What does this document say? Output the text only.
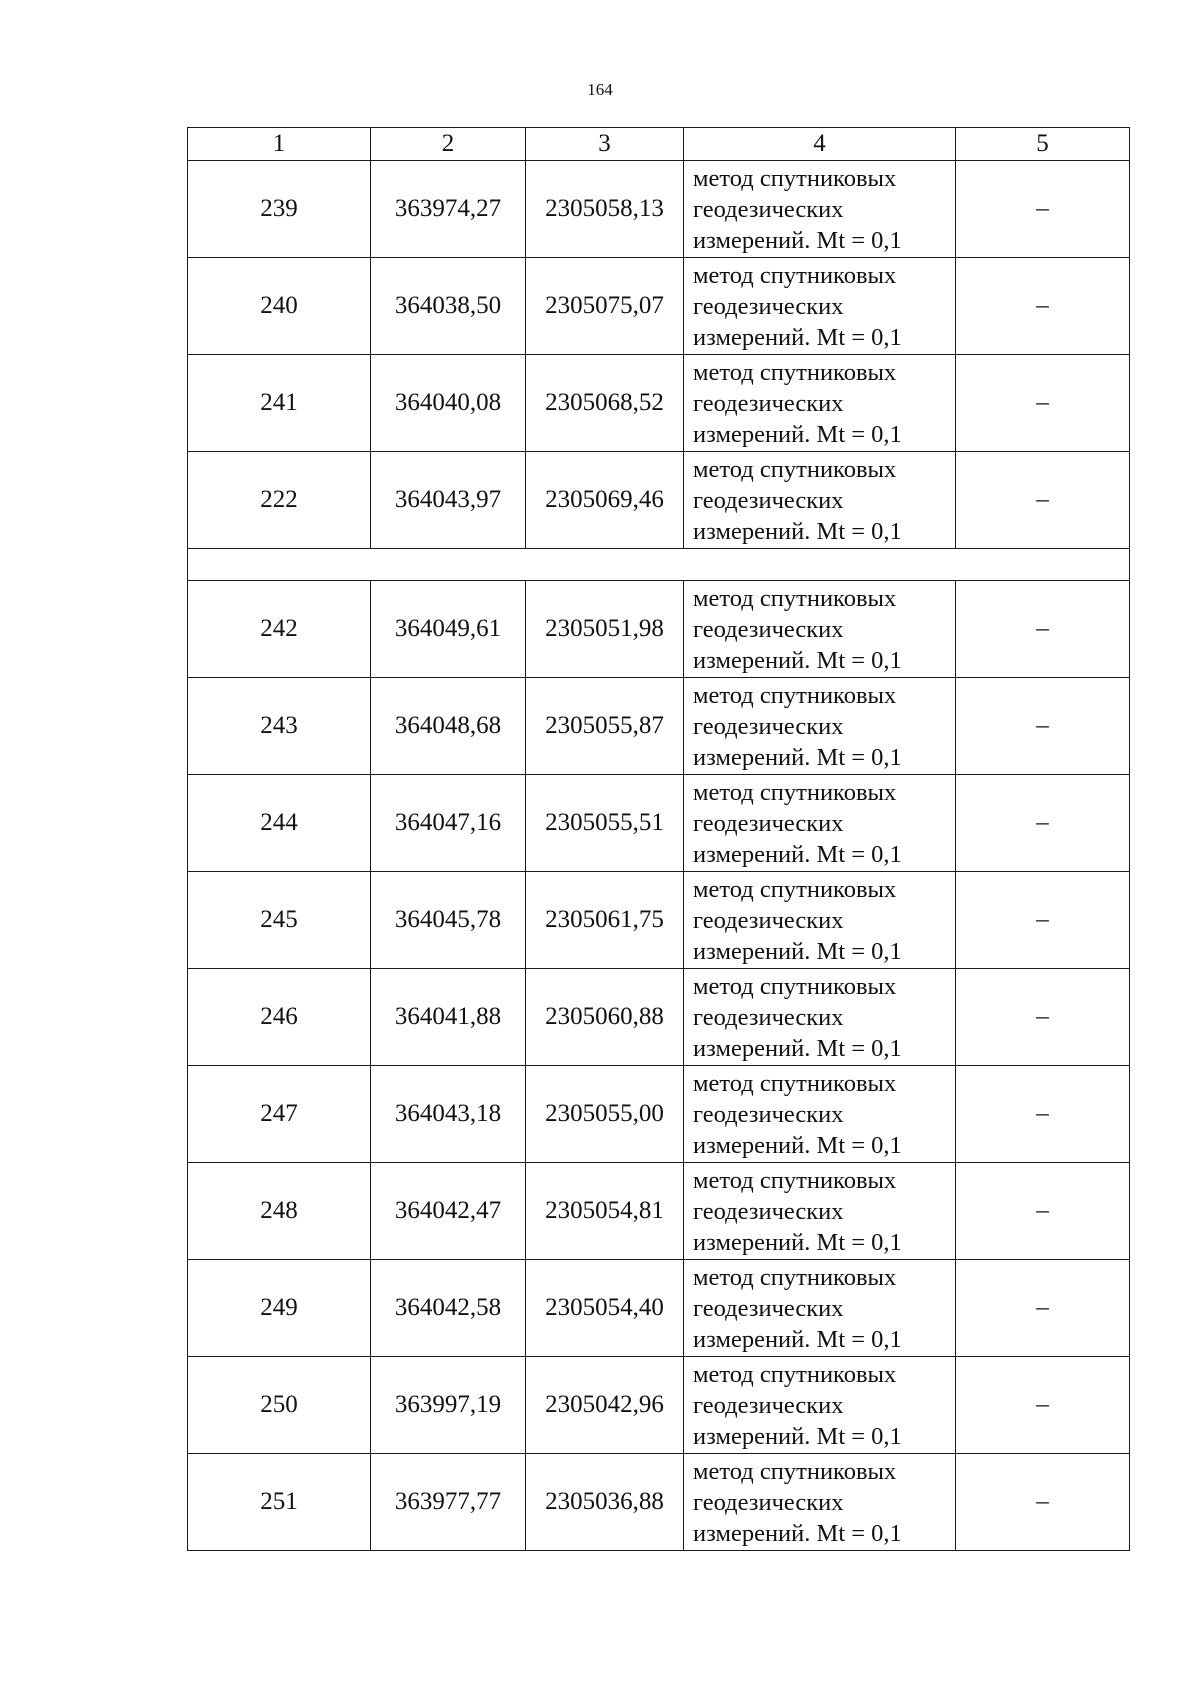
164
1	2	3	4	5
239	363974,27	2305058,13	метод спутниковых
геодезических
измерений. Mt = 0,1	–
240	364038,50	2305075,07	метод спутниковых
геодезических
измерений. Mt = 0,1	–
241	364040,08	2305068,52	метод спутниковых
геодезических
измерений. Mt = 0,1	–
222	364043,97	2305069,46	метод спутниковых
геодезических
измерений. Mt = 0,1	–

242	364049,61	2305051,98	метод спутниковых
геодезических
измерений. Mt = 0,1	–
243	364048,68	2305055,87	метод спутниковых
геодезических
измерений. Mt = 0,1	–
244	364047,16	2305055,51	метод спутниковых
геодезических
измерений. Mt = 0,1	–
245	364045,78	2305061,75	метод спутниковых
геодезических
измерений. Mt = 0,1	–
246	364041,88	2305060,88	метод спутниковых
геодезических
измерений. Mt = 0,1	–
247	364043,18	2305055,00	метод спутниковых
геодезических
измерений. Mt = 0,1	–
248	364042,47	2305054,81	метод спутниковых
геодезических
измерений. Mt = 0,1	–
249	364042,58	2305054,40	метод спутниковых
геодезических
измерений. Mt = 0,1	–
250	363997,19	2305042,96	метод спутниковых
геодезических
измерений. Mt = 0,1	–
251	363977,77	2305036,88	метод спутниковых
геодезических
измерений. Mt = 0,1	–
